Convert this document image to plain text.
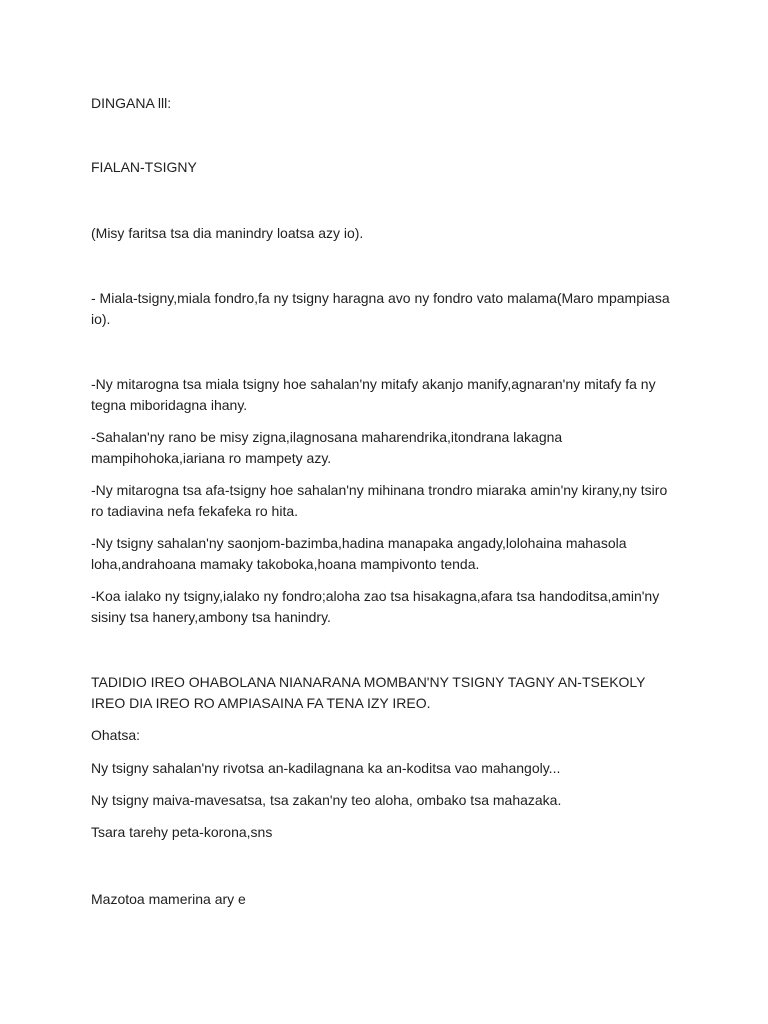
DINGANA lll:

FIALAN-TSIGNY

(Misy faritsa tsa dia manindry loatsa azy io).

- Miala-tsigny,miala fondro,fa ny tsigny haragna avo ny fondro vato malama(Maro mpampiasa io).

-Ny mitarogna tsa miala tsigny hoe sahalan'ny mitafy akanjo manify,agnaran'ny mitafy fa ny tegna miboridagna ihany.

-Sahalan'ny rano be misy zigna,ilagnosana maharendrika,itondrana lakagna mampihohoka,iariana ro mampety azy.

-Ny mitarogna tsa afa-tsigny hoe sahalan'ny mihinana trondro miaraka amin'ny kirany,ny tsiro ro tadiavina nefa fekafeka ro hita.

-Ny tsigny sahalan'ny saonjom-bazimba,hadina manapaka angady,lolohaina mahasola loha,andrahoana mamaky takoboka,hoana mampivonto tenda.

-Koa ialako ny tsigny,ialako ny fondro;aloha zao tsa hisakagna,afara tsa handoditsa,amin'ny sisiny tsa hanery,ambony tsa hanindry.

TADIDIO IREO OHABOLANA NIANARANA MOMBAN'NY TSIGNY TAGNY AN-TSEKOLY IREO DIA IREO RO AMPIASAINA FA TENA IZY IREO.

Ohatsa:

Ny tsigny sahalan'ny rivotsa an-kadilagnana ka an-koditsa vao mahangoly...

Ny tsigny maiva-mavesatsa, tsa zakan'ny teo aloha, ombako tsa mahazaka.

Tsara tarehy peta-korona,sns

Mazotoa mamerina ary e
